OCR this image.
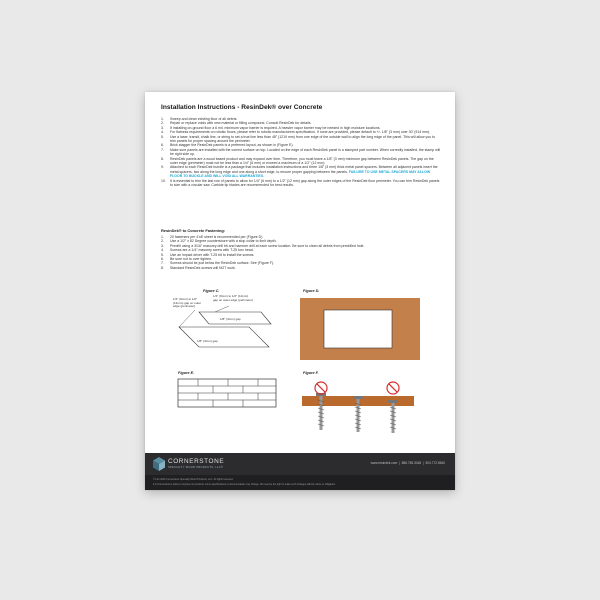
Installation Instructions - ResinDek® over Concrete
1. Sweep and clean existing floor of all debris.
2. Repair or replace voids with new material or filling compound. Consult ResinDek for details.
3. If installing on-ground floor a 6 mil. minimum vapor barrier is required. A heavier vapor barrier may be needed in high moisture locations.
4. For flatness requirements on robotic floors, please refer to robotic manufacturers specification. If none are provided, please default to +/- 1/8" (3 mm) over 30' (914 mm).
5. Use a laser, transit, chalk line, or string to set a true line less than 48" (1219 mm) from one edge of the outside wall to align the long edge of the panel. This will allow you to trim panels for proper spacing around the perimeter.
6. Brick stagger the ResinDek panels is a preferred layout, as shown in (Figure E).
7. Make sure panels are installed with the correct surface on top. Located on the edge of each ResinDek panel is a stamped part number. When correctly installed, the stamp will be right side up.
8. ResinDek panels are a wood based product and may expand over time. Therefore, you must leave a 1/8" (3 mm) minimum gap between ResinDek panels. The gap on the outer edge (perimeter) must not be less than a 1/4" (6 mm) or exceed a maximum of a 1/2" (12 mm).
9. Attached to each ResinDek bundle is a package that includes installation instructions and three 1/8" (3 mm) thick metal panel spacers. Between all adjacent panels insert the metal spacers, two along the long edge and one along a short edge, to ensure proper gapping between the panels. FAILURE TO USE METAL SPACERS MAY ALLOW FLOOR TO BUCKLE AND WILL VOID ALL WARRANTIES.
10. It is essential to trim the last row of panels to allow for 1/4" (6 mm) to a 1/2" (12 mm) gap along the outer edges of the ResinDek floor perimeter. You can trim ResinDek panels to size with a circular saw. Carbide tip blades are recommended for best results.
ResinDek® to Concrete Fastening:
1. 20 fasteners per 4'x8' sheet is recommended per (Figure D).
2. Use a 1/2" x 82 Degree countersbore with a stop collar to limit depth.
3. Predrill using a 3/16" masonry drill bit and hammer drill at each screw location. Be sure to clean all debris from predrilled hole.
4. Screws are a 1/4" masonry screw with T-25 torx head.
5. Use an impact driver with T-25 bit to install the screws.
6. Be sure not to over tighten.
7. Screws should be just below the ResinDek surface. See (Figure F).
8. Standard ResinDek screws will NOT work.
Figure C.
1/4" (6mm) to 1/2" (12mm) gap on outer edge (perimeter)
1/4" (6mm) to 1/2" (12mm) gap on outer edge (perimeter)
1/8" (3mm) gap
1/8" (3mm) gap
Figure D.
Figure E.	Figure F.
CORNERSTONE
SPECIALTY WOOD PRODUCTS, LLC®
www.resindek.com  |  888.755.3048  |  503.772.5560
© Feb 2020 Cornerstone Specialty Wood Products, LLC. All rights reserved.
It is Cornerstone's policy to improve its products; some specifications or documentation may change. We reserve the right to make such changes without notice or obligation.
